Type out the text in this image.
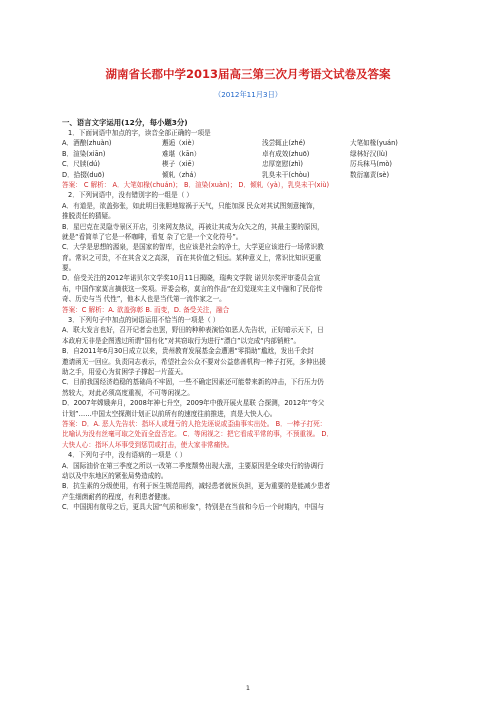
湖南省长郡中学2013届高三第三次月考语文试卷及答案
（2012年11月3日）
一、语言文字运用(12分，每小题3分)
1．下面词语中加点的字，读音全部正确的一项是
A．酒酿(zhuàn)	邂逅（xiè）	浅尝辄止(zhé)	大笔如椽(yuán)
B．渲染(xiān)	难堪（kān）	卓有成效(zhuō)	绿林好汉(lù)
C．尺牍(dú)	楔子（xiē）	忠厚宽慰(zhì)	厉兵秣马(mò)
D．拾掇(duō)	倾轧（zhá）	乳臭未干(chòu)	数衍塞责(sè)
答案： C 解析： A．大笔如椽(chuán)； B．渲染(xuàn)； D．倾轧（yà），乳臭未干(xiù)
2．下列词语中，没有错别字的一组是（ ）
A．有道是，欲盖弥张，如此明目张胆地嫁祸于天气，只能加深 民众对其试图刻意掩饰，
推脱责任的猜疑。
B．星巴克在灵隐寺景区开店，引来网友热议，再被让其成为众矢之的，其最主要的原因，
就是“看简单了它是一杯咖啡，看复 杂了它是一个文化符号”。
C．大学是思想的源泉，是国家的智库，也应该是社会的净土，大学更应该进行一场常识教
育。常识之可贵，不在其含义之高深， 而在其价值之恒远。某种意义上，常识比知识更重
要。
D．倍受关注的2012年诺贝尔文学奖10月11日揭晓，瑞典文学院 诺贝尔奖评审委员会宣
布，中国作家莫言摘获这一奖项。评委会称，莫言的作品“在幻觉现实主义中融和了民俗传
奇、历史与当 代性”，他本人也是当代第一流作家之一。
答案：C 解析：A. 欲盖弥彰 B. 而变，D. 备受关注，融合
3．下列句子中加点的词语运用不恰当的一项是（ ）
A．联大发言也好，召开记者会也罢，野田的种种表演恰如恶人先告状，正好暗示天下，日
本政府无非是企图透过所谓“国有化”对其窃取行为进行“漂白”以完成“内部销赃”。
B．自2011年6月30日成立以来，贵州教育发展基金会遭遇“零捐助”尴尬，发出千余封
邀请函无一回应。负责同志表示，希望社会公众不要对公益慈善机构一棒子打死，多伸出援
助之手，用爱心为贫困学子撑起一片蓝天。
C．目前我国经济趋稳的基础尚不牢固，一些不确定因素还可能带来新的冲击，下行压力仍
然较大，对此必须高度重视，不可等闲视之。
D．2007年嫦娥奔月，2008年神七升空，2009年中俄开展火星联 合探测，2012年“夸父
计划”……中国太空探测计划正以前所有的速度往前推进，真是大快人心。
答案：D．A. 恶人先告状：指坏人或理亏的人抢先诬说或歪曲事实出处。 B．一棒子打死：
比喻认为没有丝毫可取之处而全盘否定。 C．等闲视之：把它看成平常的事，不预重视。 D．
大快人心：指坏人坏事受到惩罚或打击，使大家非常痛快。
4．下列句子中，没有语病的一项是（ ）
A．国际油价在第三季度之所以一改第二季度颓势出现大涨，主要原因是全球央行的协调行
动以及中东地区的紧张局势造成的。
B．抗生素的分级使用，有利于医生规范用药，减轻患者就医负担，更为重要的是能减少患者
产生细菌耐药的程度，有利患者健康。
C．中国拥有航母之后，更具大国“气质和形象”，特别是在当前和今后一个时期内，中国与
1
